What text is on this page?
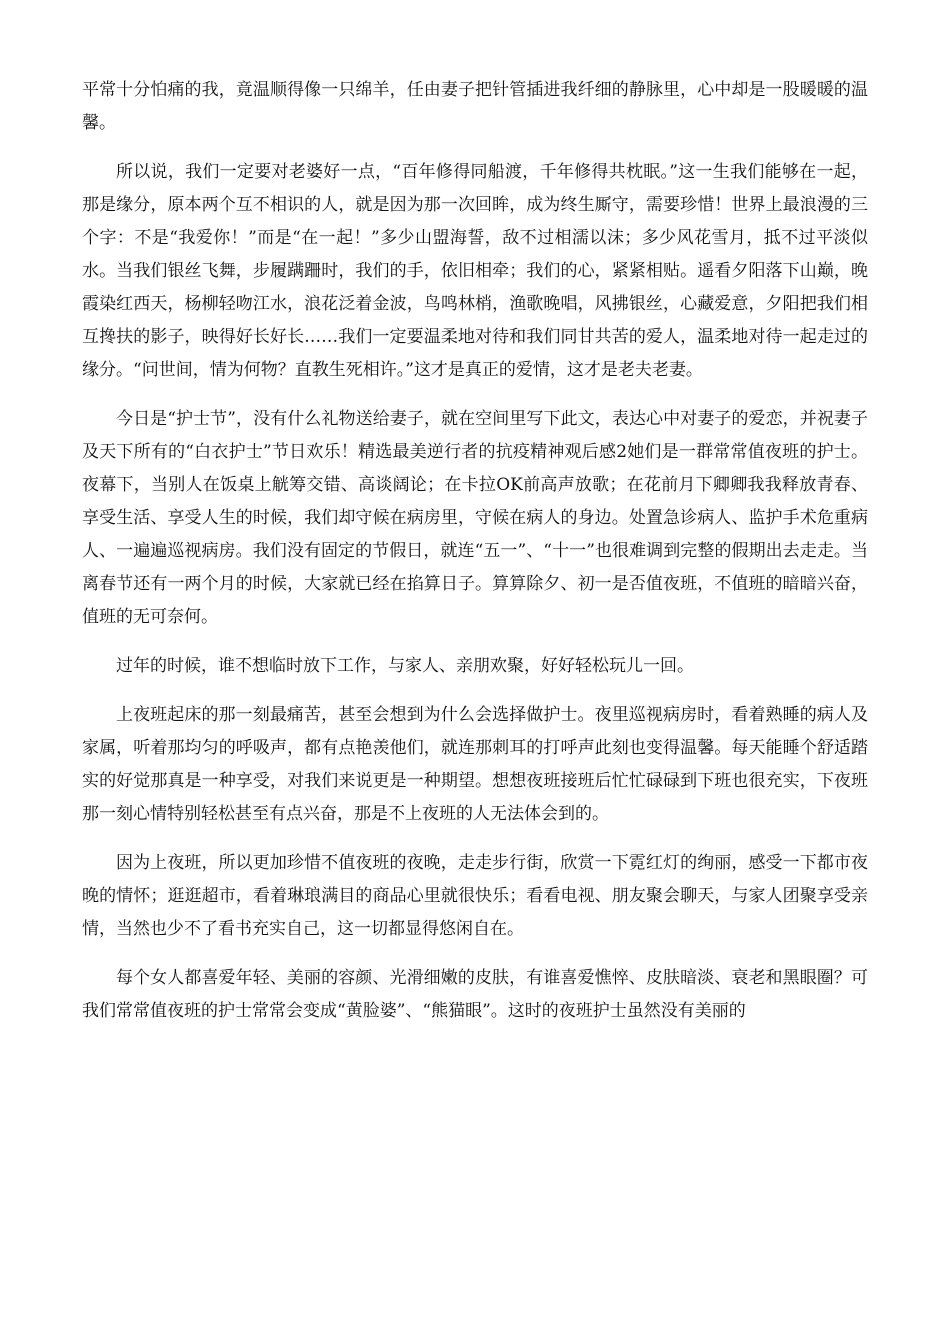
平常十分怕痛的我，竟温顺得像一只绵羊，任由妻子把针管插进我纤细的静脉里，心中却是一股暖暖的温馨。

所以说，我们一定要对老婆好一点，“百年修得同船渡，千年修得共枕眠。”这一生我们能够在一起，那是缘分，原本两个互不相识的人，就是因为那一次回眸，成为终生厮守，需要珍惜！世界上最浪漫的三个字：不是“我爱你！”而是“在一起！”多少山盟海誓，敌不过相濡以沫；多少风花雪月，抵不过平淡似水。当我们银丝飞舞，步履蹒跚时，我们的手，依旧相牵；我们的心，紧紧相贴。遥看夕阳落下山巅，晚霞染红西天，杨柳轻吻江水，浪花泛着金波，鸟鸣林梢，渔歌晚唱，风拂银丝，心藏爱意，夕阳把我们相互搀扶的影子，映得好长好长……我们一定要温柔地对待和我们同甘共苦的爱人，温柔地对待一起走过的缘分。“问世间，情为何物？直教生死相许。”这才是真正的爱情，这才是老夫老妻。

今日是“护士节”，没有什么礼物送给妻子，就在空间里写下此文，表达心中对妻子的爱恋，并祝妻子及天下所有的“白衣护士”节日欢乐！精选最美逆行者的抗疫精神观后感2她们是一群常常值夜班的护士。夜幕下，当别人在饭桌上觥筹交错、高谈阔论；在卡拉OK前高声放歌；在花前月下卿卿我我释放青春、享受生活、享受人生的时候，我们却守候在病房里，守候在病人的身边。处置急诊病人、监护手术危重病人、一遍遍巡视病房。我们没有固定的节假日，就连“五一”、“十一”也很难调到完整的假期出去走走。当离春节还有一两个月的时候，大家就已经在掐算日子。算算除夕、初一是否值夜班，不值班的暗暗兴奋，值班的无可奈何。

过年的时候，谁不想临时放下工作，与家人、亲朋欢聚，好好轻松玩儿一回。

上夜班起床的那一刻最痛苦，甚至会想到为什么会选择做护士。夜里巡视病房时，看着熟睡的病人及家属，听着那均匀的呼吸声，都有点艳羡他们，就连那刺耳的打呼声此刻也变得温馨。每天能睡个舒适踏实的好觉那真是一种享受，对我们来说更是一种期望。想想夜班接班后忙忙碌碌到下班也很充实，下夜班那一刻心情特别轻松甚至有点兴奋，那是不上夜班的人无法体会到的。

因为上夜班，所以更加珍惜不值夜班的夜晚，走走步行街，欣赏一下霓红灯的绚丽，感受一下都市夜晚的情怀；逛逛超市，看着琳琅满目的商品心里就很快乐；看看电视、朋友聚会聊天，与家人团聚享受亲情，当然也少不了看书充实自己，这一切都显得悠闲自在。

每个女人都喜爱年轻、美丽的容颜、光滑细嫩的皮肤，有谁喜爱憔悴、皮肤暗淡、衰老和黑眼圈？可我们常常值夜班的护士常常会变成“黄脸婆”、“熊猫眼”。这时的夜班护士虽然没有美丽的
